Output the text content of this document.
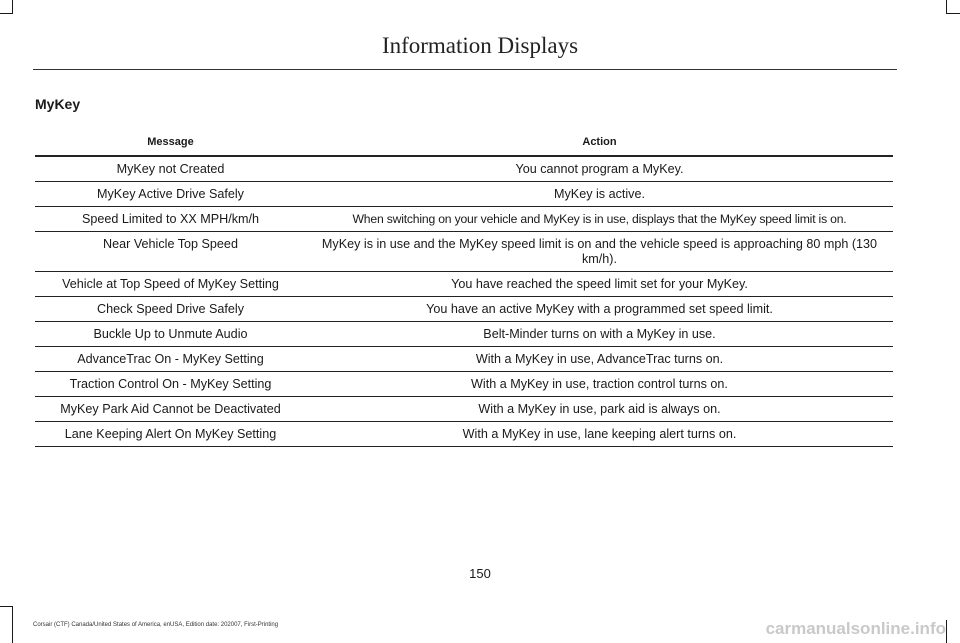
Information Displays
MyKey
Message	Action
MyKey not Created	You cannot program a MyKey.
MyKey Active Drive Safely	MyKey is active.
Speed Limited to XX MPH/km/h	When switching on your vehicle and MyKey is in use, displays that the MyKey speed limit is on.
Near Vehicle Top Speed	MyKey is in use and the MyKey speed limit is on and the vehicle speed is approaching 80 mph (130 km/h).
Vehicle at Top Speed of MyKey Setting	You have reached the speed limit set for your MyKey.
Check Speed Drive Safely	You have an active MyKey with a programmed set speed limit.
Buckle Up to Unmute Audio	Belt-Minder turns on with a MyKey in use.
AdvanceTrac On - MyKey Setting	With a MyKey in use, AdvanceTrac turns on.
Traction Control On - MyKey Setting	With a MyKey in use, traction control turns on.
MyKey Park Aid Cannot be Deactivated	With a MyKey in use, park aid is always on.
Lane Keeping Alert On MyKey Setting	With a MyKey in use, lane keeping alert turns on.
150
Corsair (CTF) Canada/United States of America, enUSA, Edition date: 202007, First-Printing	carmanualsonline.info
